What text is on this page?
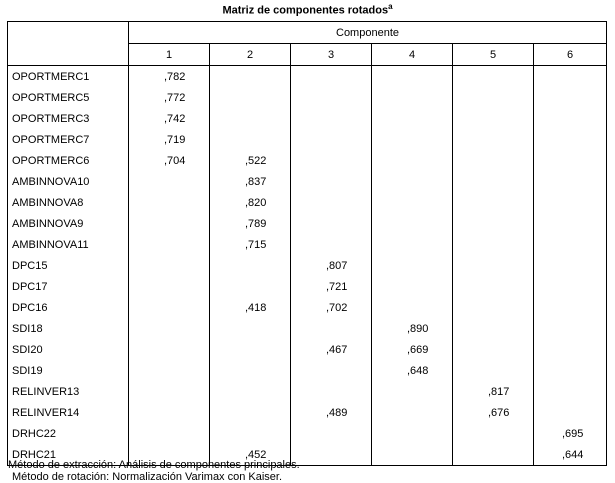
Matriz de componentes rotados$^a$
	Componente					
	1	2	3	4	5	6
OPORTMERC1	,782					
OPORTMERC5	,772					
OPORTMERC3	,742					
OPORTMERC7	,719					
OPORTMERC6	,704	,522				
AMBINNOVA10		,837				
AMBINNOVA8		,820				
AMBINNOVA9		,789				
AMBINNOVA11		,715				
DPC15			,807			
DPC17			,721			
DPC16		,418	,702			
SDI18				,890		
SDI20			,467	,669		
SDI19				,648		
RELINVER13					,817	
RELINVER14			,489		,676	
DRHC22						,695
DRHC21		,452				,644
Método de extracción: Análisis de componentes principales.
Método de rotación: Normalización Varimax con Kaiser.
